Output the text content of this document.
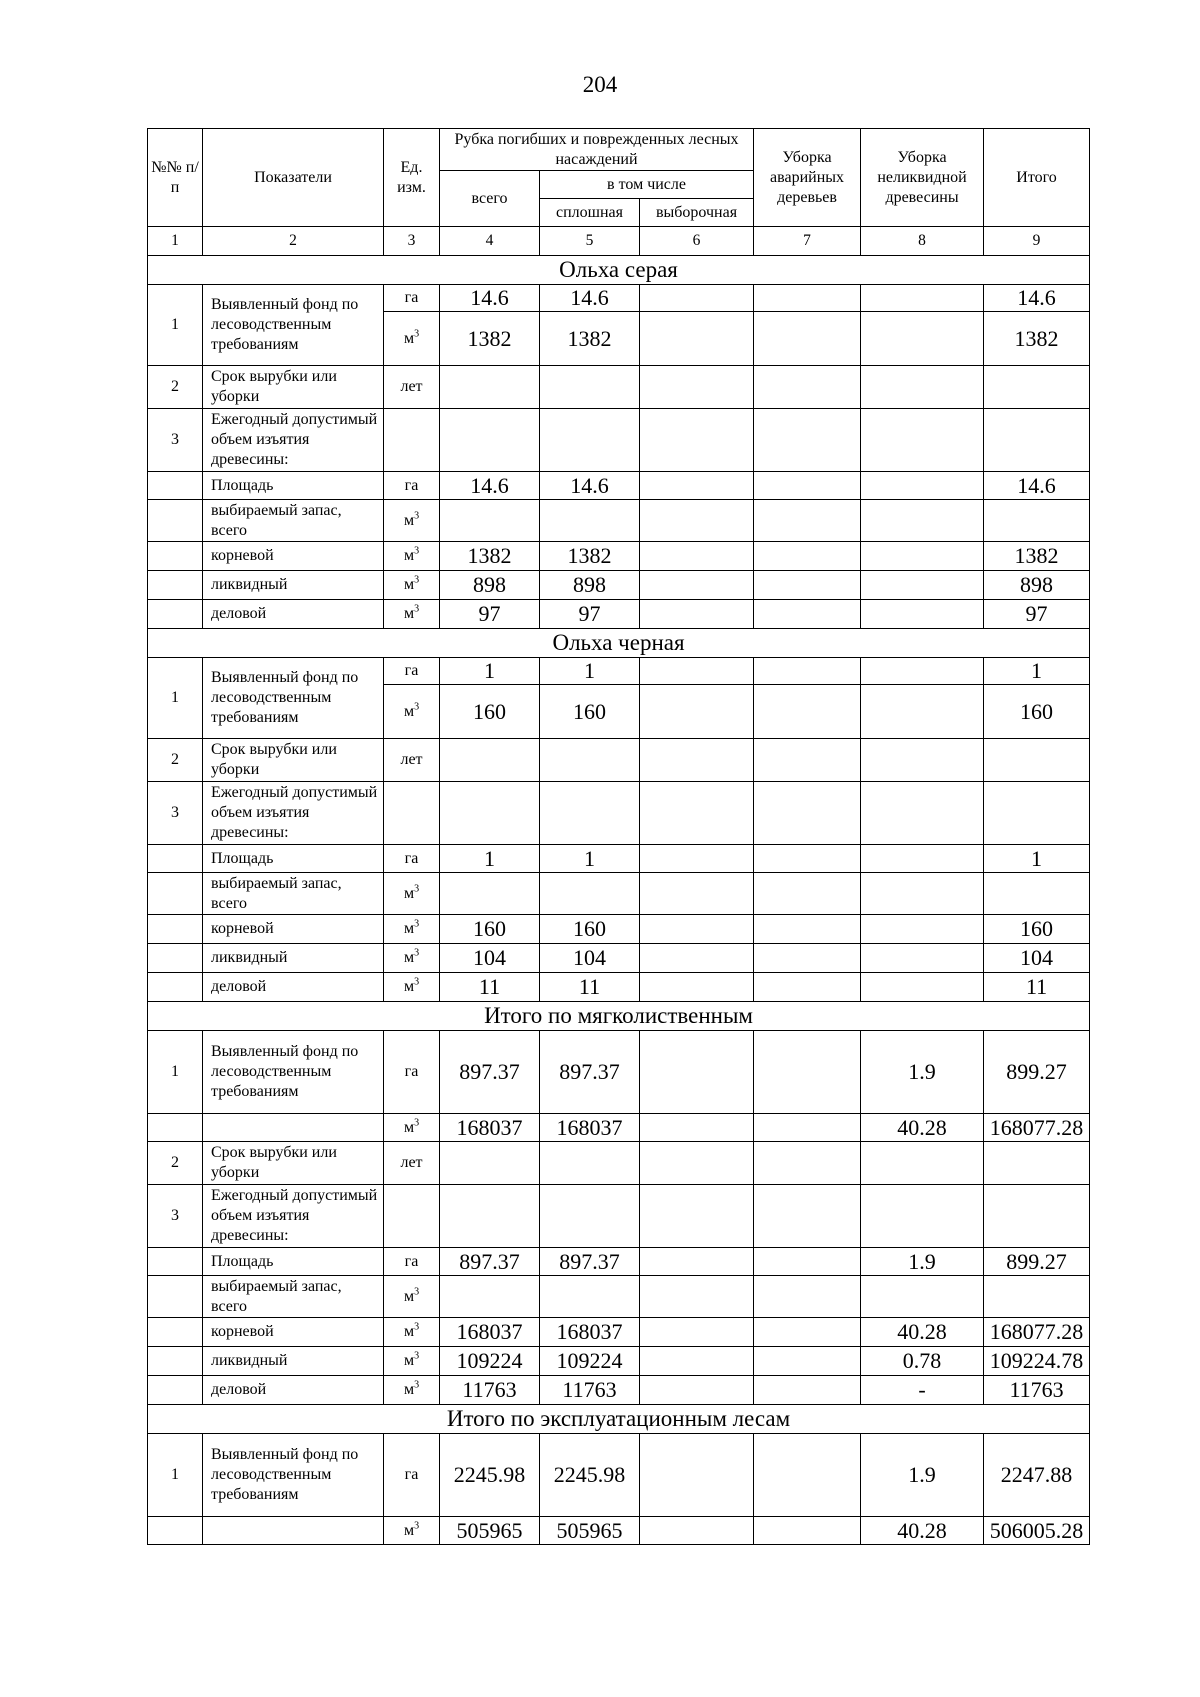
204
№№ п/п	Показатели	Ед. изм.	Рубка погибших и поврежденных лесных насаждений			Уборка аварийных деревьев	Уборка неликвидной древесины	Итого
			всего	в том числе				
				сплошная	выборочная			
1	2	3	4	5	6	7	8	9
Ольха серая								
1	Выявленный фонд по лесоводственным требованиям	га	14.6	14.6				14.6
		$м^3$	1382	1382				1382
2	Срок вырубки или уборки	лет						
3	Ежегодный допустимый объем изъятия древесины:							
	Площадь	га	14.6	14.6				14.6
	выбираемый запас, всего	$м^3$						
	корневой	$м^3$	1382	1382				1382
	ликвидный	$м^3$	898	898				898
	деловой	$м^3$	97	97				97
Ольха черная								
1	Выявленный фонд по лесоводственным требованиям	га	1	1				1
		$м^3$	160	160				160
2	Срок вырубки или уборки	лет						
3	Ежегодный допустимый объем изъятия древесины:							
	Площадь	га	1	1				1
	выбираемый запас, всего	$м^3$						
	корневой	$м^3$	160	160				160
	ликвидный	$м^3$	104	104				104
	деловой	$м^3$	11	11				11
Итого по мягколиственным								
1	Выявленный фонд по лесоводственным требованиям	га	897.37	897.37			1.9	899.27
		$м^3$	168037	168037			40.28	168077.28
2	Срок вырубки или уборки	лет						
3	Ежегодный допустимый объем изъятия древесины:							
	Площадь	га	897.37	897.37			1.9	899.27
	выбираемый запас, всего	$м^3$						
	корневой	$м^3$	168037	168037			40.28	168077.28
	ликвидный	$м^3$	109224	109224			0.78	109224.78
	деловой	$м^3$	11763	11763			-	11763
Итого по эксплуатационным лесам								
1	Выявленный фонд по лесоводственным требованиям	га	2245.98	2245.98			1.9	2247.88
		$м^3$	505965	505965			40.28	506005.28
